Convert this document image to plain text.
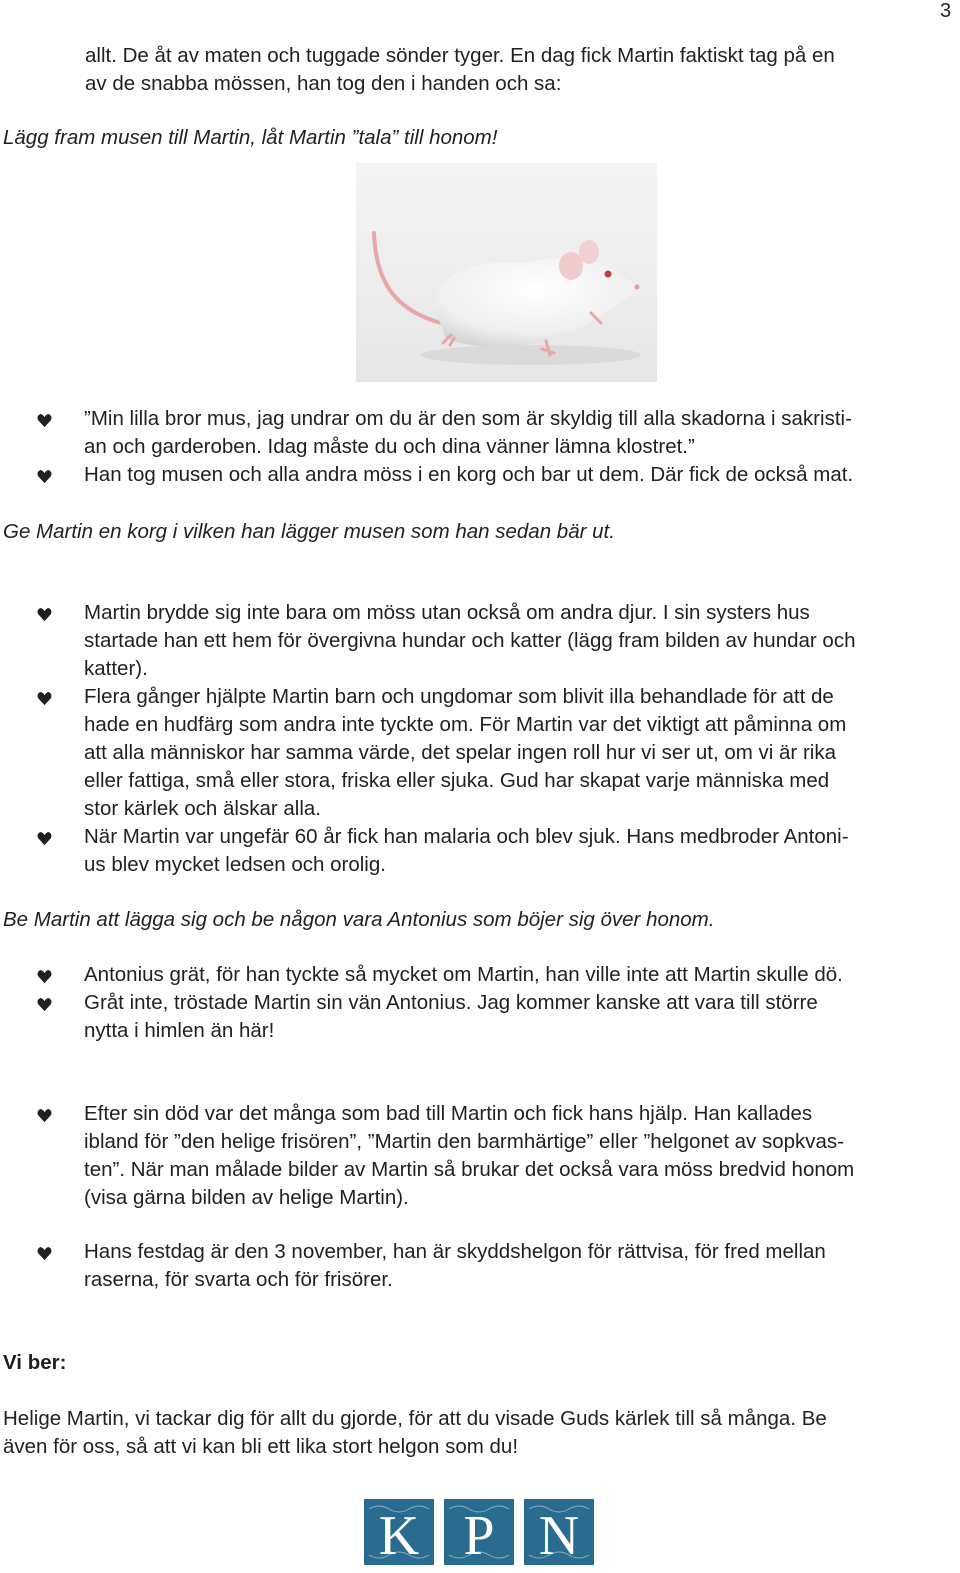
3
allt. De åt av maten och tuggade sönder tyger. En dag fick Martin faktiskt tag på en
av de snabba mössen, han tog den i handen och sa:
Lägg fram musen till Martin, låt Martin ”tala” till honom!
”Min lilla bror mus, jag undrar om du är den som är skyldig till alla skadorna i sakristi-
an och garderoben. Idag måste du och dina vänner lämna klostret.”
Han tog musen och alla andra möss i en korg och bar ut dem. Där fick de också mat.
Ge Martin en korg i vilken han lägger musen som han sedan bär ut.
Martin brydde sig inte bara om möss utan också om andra djur. I sin systers hus
startade han ett hem för övergivna hundar och katter (lägg fram bilden av hundar och
katter).
Flera gånger hjälpte Martin barn och ungdomar som blivit illa behandlade för att de
hade en hudfärg som andra inte tyckte om. För Martin var det viktigt att påminna om
att alla människor har samma värde, det spelar ingen roll hur vi ser ut, om vi är rika
eller fattiga, små eller stora, friska eller sjuka. Gud har skapat varje människa med
stor kärlek och älskar alla.
När Martin var ungefär 60 år fick han malaria och blev sjuk. Hans medbroder Antoni-
us blev mycket ledsen och orolig.
Be Martin att lägga sig och be någon vara Antonius som böjer sig över honom.
Antonius grät, för han tyckte så mycket om Martin, han ville inte att Martin skulle dö.
Gråt inte, tröstade Martin sin vän Antonius. Jag kommer kanske att vara till större
nytta i himlen än här!
Efter sin död var det många som bad till Martin och fick hans hjälp. Han kallades
ibland för ”den helige frisören”, ”Martin den barmhärtige” eller ”helgonet av sopkvas-
ten”. När man målade bilder av Martin så brukar det också vara möss bredvid honom
(visa gärna bilden av helige Martin).
Hans festdag är den 3 november, han är skyddshelgon för rättvisa, för fred mellan
raserna, för svarta och för frisörer.
Vi ber:
Helige Martin, vi tackar dig för allt du gjorde, för att du visade Guds kärlek till så många. Be
även för oss, så att vi kan bli ett lika stort helgon som du!
K P N
